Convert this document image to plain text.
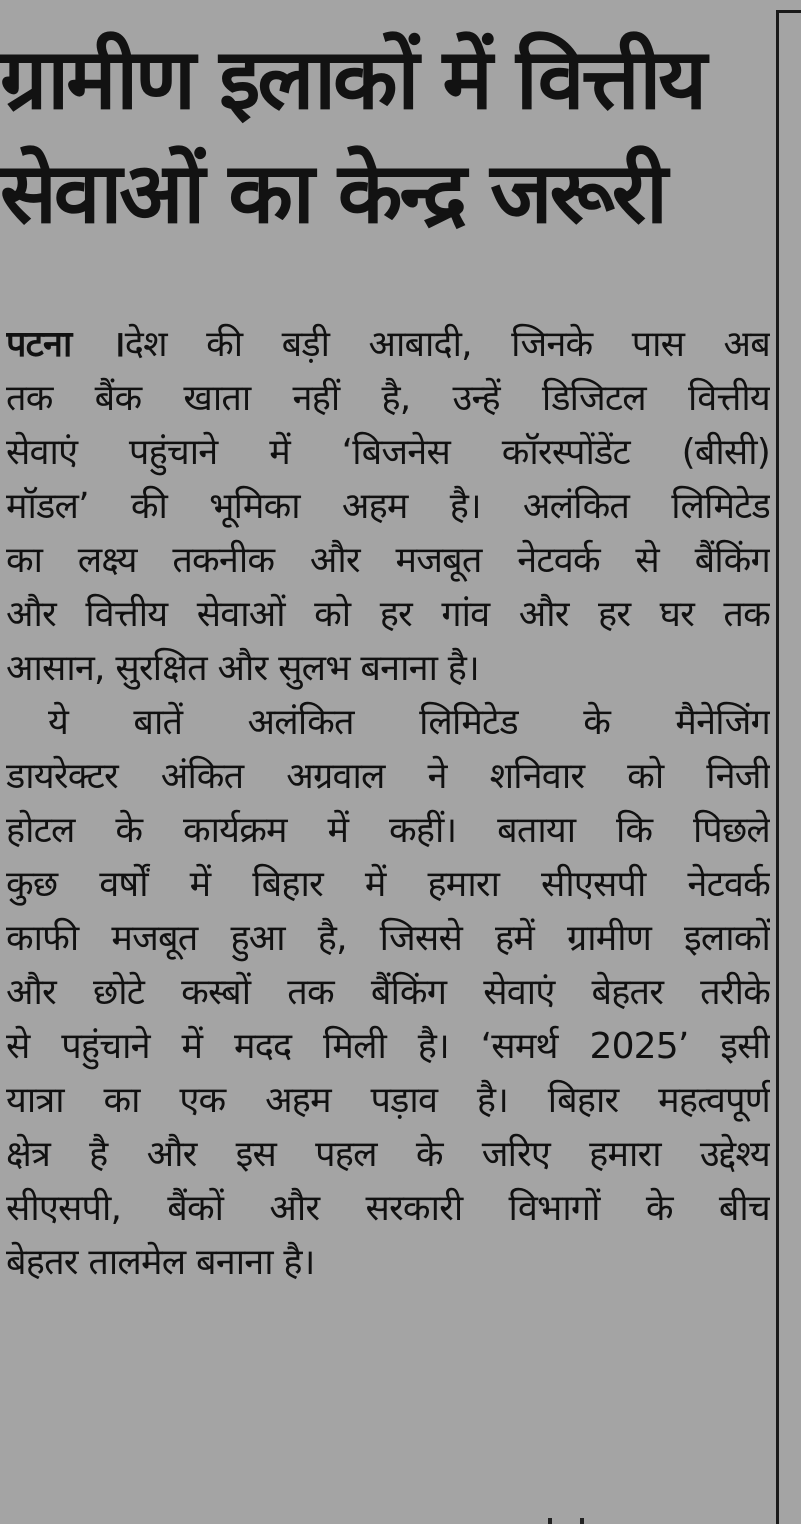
ग्रामीण इलाकों में वित्तीय
सेवाओं का केन्द्र जरूरी
पटना ।देश की बड़ी आबादी, जिनके पास अब
तक बैंक खाता नहीं है, उन्हें डिजिटल वित्तीय
सेवाएं पहुंचाने में ‘बिजनेस कॉरस्पोंडेंट (बीसी)
मॉडल’ की भूमिका अहम है। अलंकित लिमिटेड
का लक्ष्य तकनीक और मजबूत नेटवर्क से बैंकिंग
और वित्तीय सेवाओं को हर गांव और हर घर तक
आसान, सुरक्षित और सुलभ बनाना है।
ये बातें अलंकित लिमिटेड के मैनेजिंग
डायरेक्टर अंकित अग्रवाल ने शनिवार को निजी
होटल के कार्यक्रम में कहीं। बताया कि पिछले
कुछ वर्षों में बिहार में हमारा सीएसपी नेटवर्क
काफी मजबूत हुआ है, जिससे हमें ग्रामीण इलाकों
और छोटे कस्बों तक बैंकिंग सेवाएं बेहतर तरीके
से पहुंचाने में मदद मिली है। ‘समर्थ 2025’ इसी
यात्रा का एक अहम पड़ाव है। बिहार महत्वपूर्ण
क्षेत्र है और इस पहल के जरिए हमारा उद्देश्य
सीएसपी, बैंकों और सरकारी विभागों के बीच
बेहतर तालमेल बनाना है।
